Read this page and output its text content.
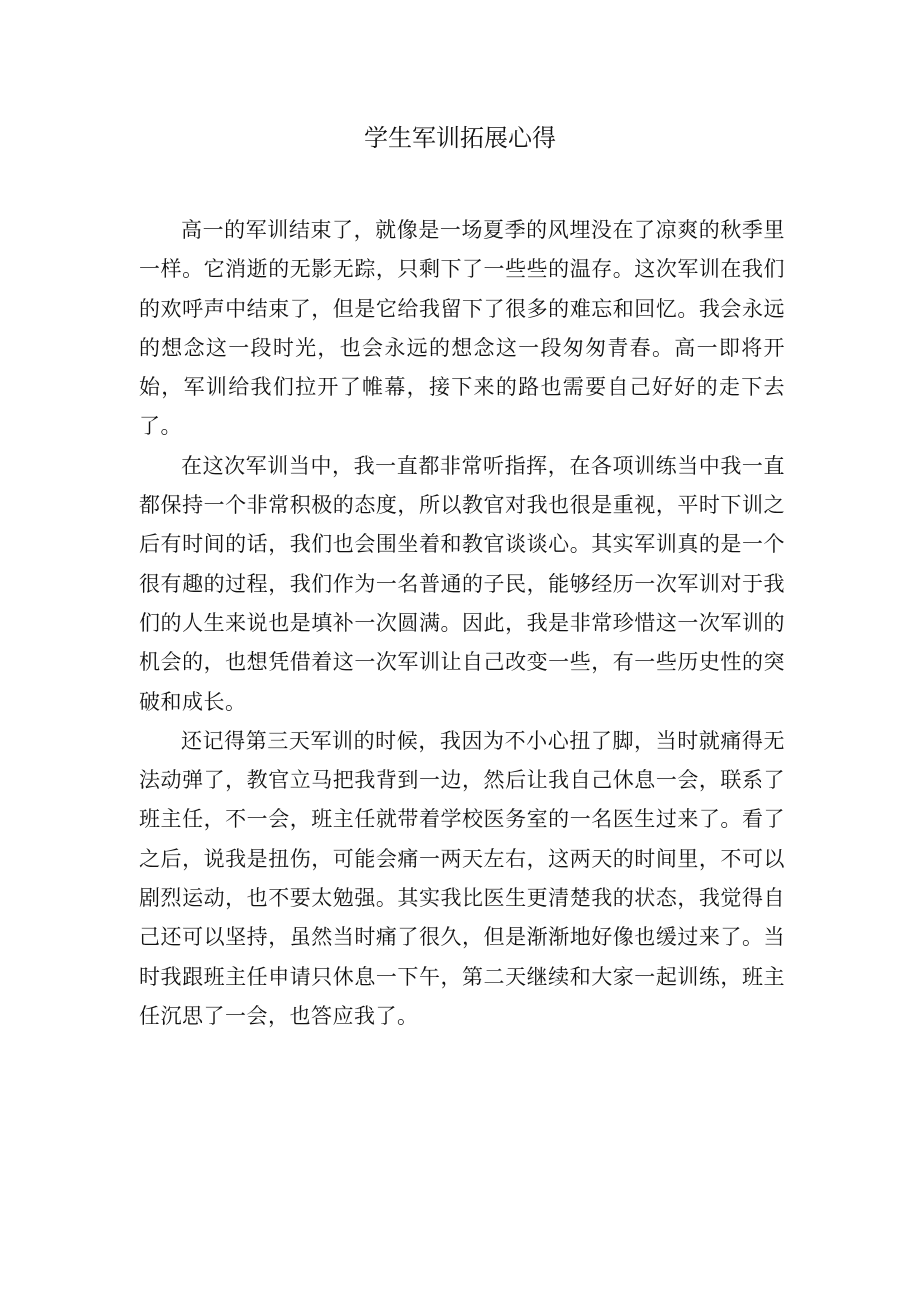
学生军训拓展心得

高一的军训结束了，就像是一场夏季的风埋没在了凉爽的秋季里一样。它消逝的无影无踪，只剩下了一些些的温存。这次军训在我们的欢呼声中结束了，但是它给我留下了很多的难忘和回忆。我会永远的想念这一段时光，也会永远的想念这一段匆匆青春。高一即将开始，军训给我们拉开了帷幕，接下来的路也需要自己好好的走下去了。

在这次军训当中，我一直都非常听指挥，在各项训练当中我一直都保持一个非常积极的态度，所以教官对我也很是重视，平时下训之后有时间的话，我们也会围坐着和教官谈谈心。其实军训真的是一个很有趣的过程，我们作为一名普通的子民，能够经历一次军训对于我们的人生来说也是填补一次圆满。因此，我是非常珍惜这一次军训的机会的，也想凭借着这一次军训让自己改变一些，有一些历史性的突破和成长。

还记得第三天军训的时候，我因为不小心扭了脚，当时就痛得无法动弹了，教官立马把我背到一边，然后让我自己休息一会，联系了班主任，不一会，班主任就带着学校医务室的一名医生过来了。看了之后，说我是扭伤，可能会痛一两天左右，这两天的时间里，不可以剧烈运动，也不要太勉强。其实我比医生更清楚我的状态，我觉得自己还可以坚持，虽然当时痛了很久，但是渐渐地好像也缓过来了。当时我跟班主任申请只休息一下午，第二天继续和大家一起训练，班主任沉思了一会，也答应我了。
